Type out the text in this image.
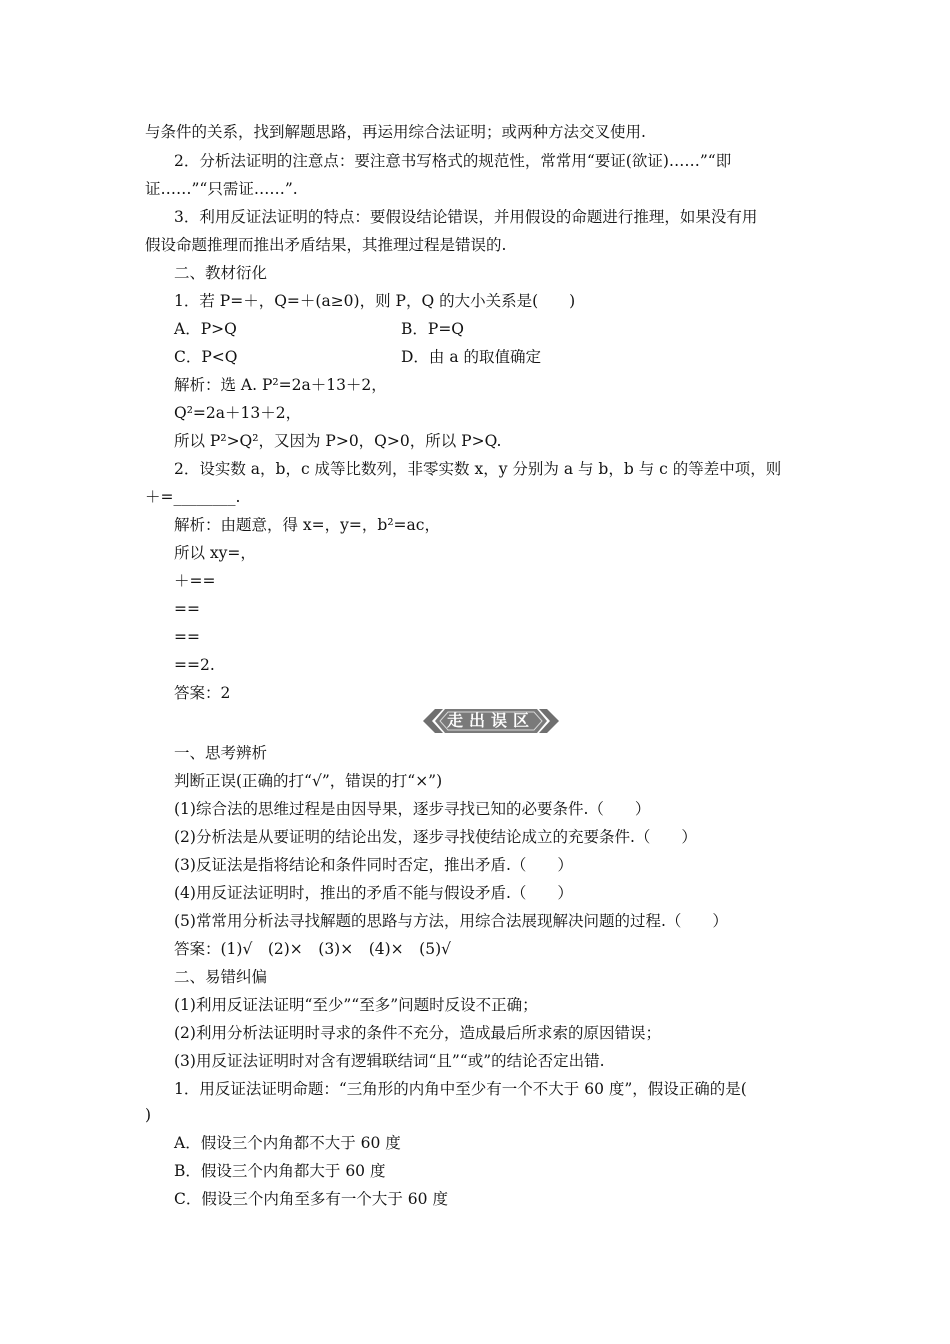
与条件的关系，找到解题思路，再运用综合法证明；或两种方法交叉使用.
2．分析法证明的注意点：要注意书写格式的规范性，常常用“要证(欲证)……”“即
证……”“只需证……”.
3．利用反证法证明的特点：要假设结论错误，并用假设的命题进行推理，如果没有用
假设命题推理而推出矛盾结果，其推理过程是错误的.
二、教材衍化
1．若 P=＋，Q=＋(a≥0)，则 P，Q 的大小关系是(　　)
A．P>Q	B．P=Q
C．P<Q	D．由 a 的取值确定
解析：选 A. P²=2a＋13＋2，
Q²=2a＋13＋2，
所以 P²>Q²，又因为 P>0，Q>0，所以 P>Q.
2．设实数 a，b，c 成等比数列，非零实数 x，y 分别为 a 与 b，b 与 c 的等差中项，则
＋=________.
解析：由题意，得 x=，y=，b²=ac，
所以 xy=，
＋==
==
==
==2.
答案：2
走出误区
一、思考辨析
判断正误(正确的打“√”，错误的打“×”)
(1)综合法的思维过程是由因导果，逐步寻找已知的必要条件.（　　）
(2)分析法是从要证明的结论出发，逐步寻找使结论成立的充要条件.（　　）
(3)反证法是指将结论和条件同时否定，推出矛盾.（　　）
(4)用反证法证明时，推出的矛盾不能与假设矛盾.（　　）
(5)常常用分析法寻找解题的思路与方法，用综合法展现解决问题的过程.（　　）
答案：(1)√　(2)×　(3)×　(4)×　(5)√
二、易错纠偏
(1)利用反证法证明“至少”“至多”问题时反设不正确；
(2)利用分析法证明时寻求的条件不充分，造成最后所求索的原因错误；
(3)用反证法证明时对含有逻辑联结词“且”“或”的结论否定出错.
1．用反证法证明命题：“三角形的内角中至少有一个不大于 60 度”，假设正确的是(
)
A．假设三个内角都不大于 60 度
B．假设三个内角都大于 60 度
C．假设三个内角至多有一个大于 60 度
